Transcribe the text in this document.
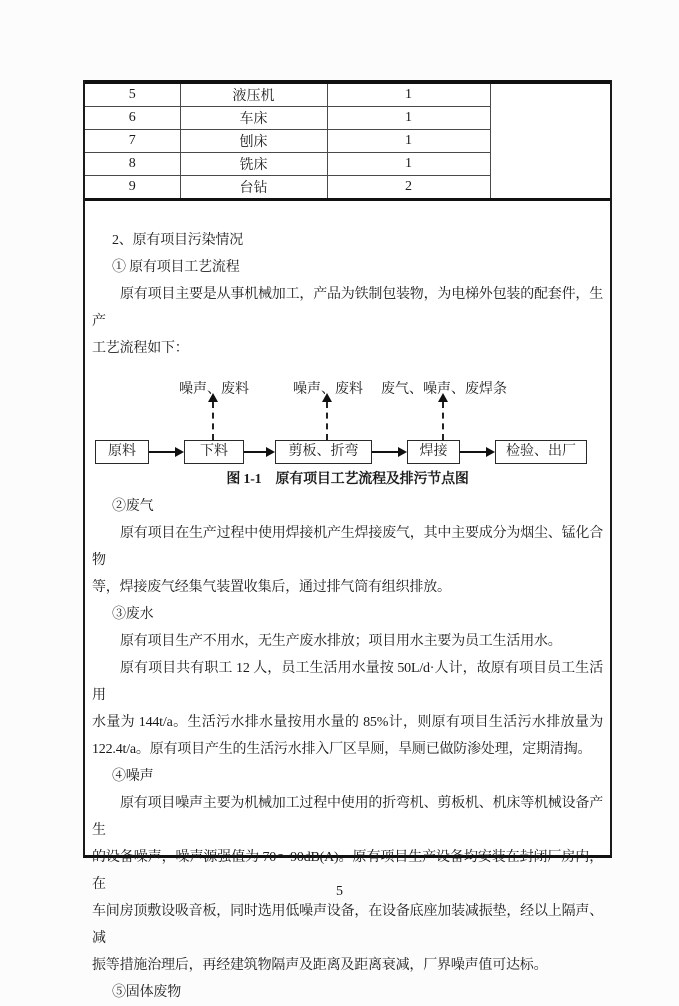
5	液压机	1	
6	车床	1	
7	刨床	1	
8	铣床	1	
9	台钻	2	
2、原有项目污染情况
① 原有项目工艺流程
原有项目主要是从事机械加工，产品为铁制包装物，为电梯外包装的配套件，生产
工艺流程如下：
噪声、废料	噪声、废料 废气、噪声、废焊条
原料	下料	剪板、折弯	焊接	检验、出厂
图 1-1 原有项目工艺流程及排污节点图
②废气
原有项目在生产过程中使用焊接机产生焊接废气，其中主要成分为烟尘、锰化合物
等，焊接废气经集气装置收集后，通过排气筒有组织排放。
③废水
原有项目生产不用水，无生产废水排放；项目用水主要为员工生活用水。
原有项目共有职工 12 人，员工生活用水量按 50L/d·人计，故原有项目员工生活用
水量为 144t/a。生活污水排水量按用水量的 85%计，则原有项目生活污水排放量为
122.4t/a。原有项目产生的生活污水排入厂区旱厕，旱厕已做防渗处理，定期清掏。
④噪声
原有项目噪声主要为机械加工过程中使用的折弯机、剪板机、机床等机械设备产生
的设备噪声，噪声源强值为 70～90dB(A)。原有项目生产设备均安装在封闭厂房内，在
车间房顶敷设吸音板，同时选用低噪声设备，在设备底座加装减振垫，经以上隔声、减
振等措施治理后，再经建筑物隔声及距离及距离衰减，厂界噪声值可达标。
⑤固体废物
5
